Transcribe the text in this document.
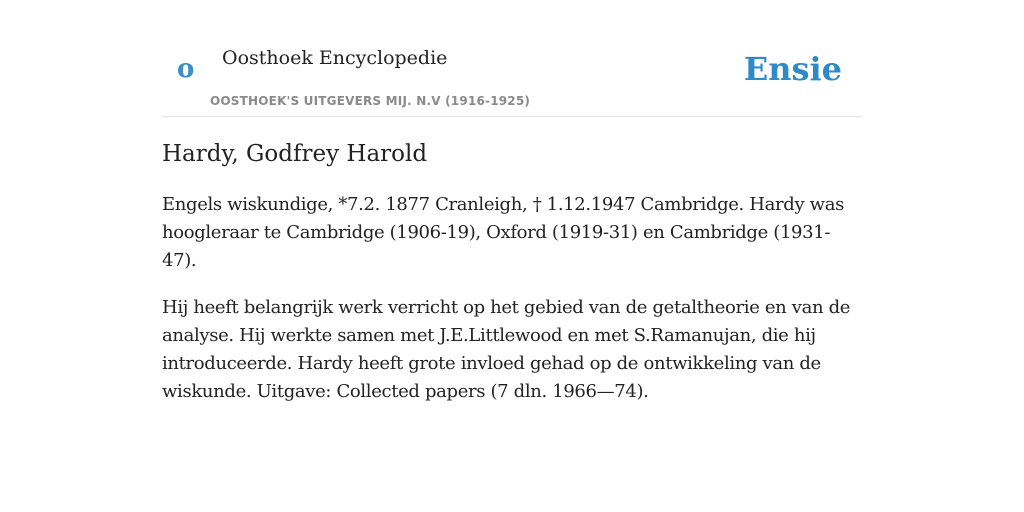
o Oosthoek Encyclopedie
OOSTHOEK'S UITGEVERS MIJ. N.V (1916-1925)
Ensie
Hardy, Godfrey Harold

Engels wiskundige, *7.2. 1877 Cranleigh, † 1.12.1947 Cambridge. Hardy was hoogleraar te Cambridge (1906-19), Oxford (1919-31) en Cambridge (1931-47).

Hij heeft belangrijk werk verricht op het gebied van de getaltheorie en van de analyse. Hij werkte samen met J.E.Littlewood en met S.Ramanujan, die hij introduceerde. Hardy heeft grote invloed gehad op de ontwikkeling van de wiskunde. Uitgave: Collected papers (7 dln. 1966—74).
